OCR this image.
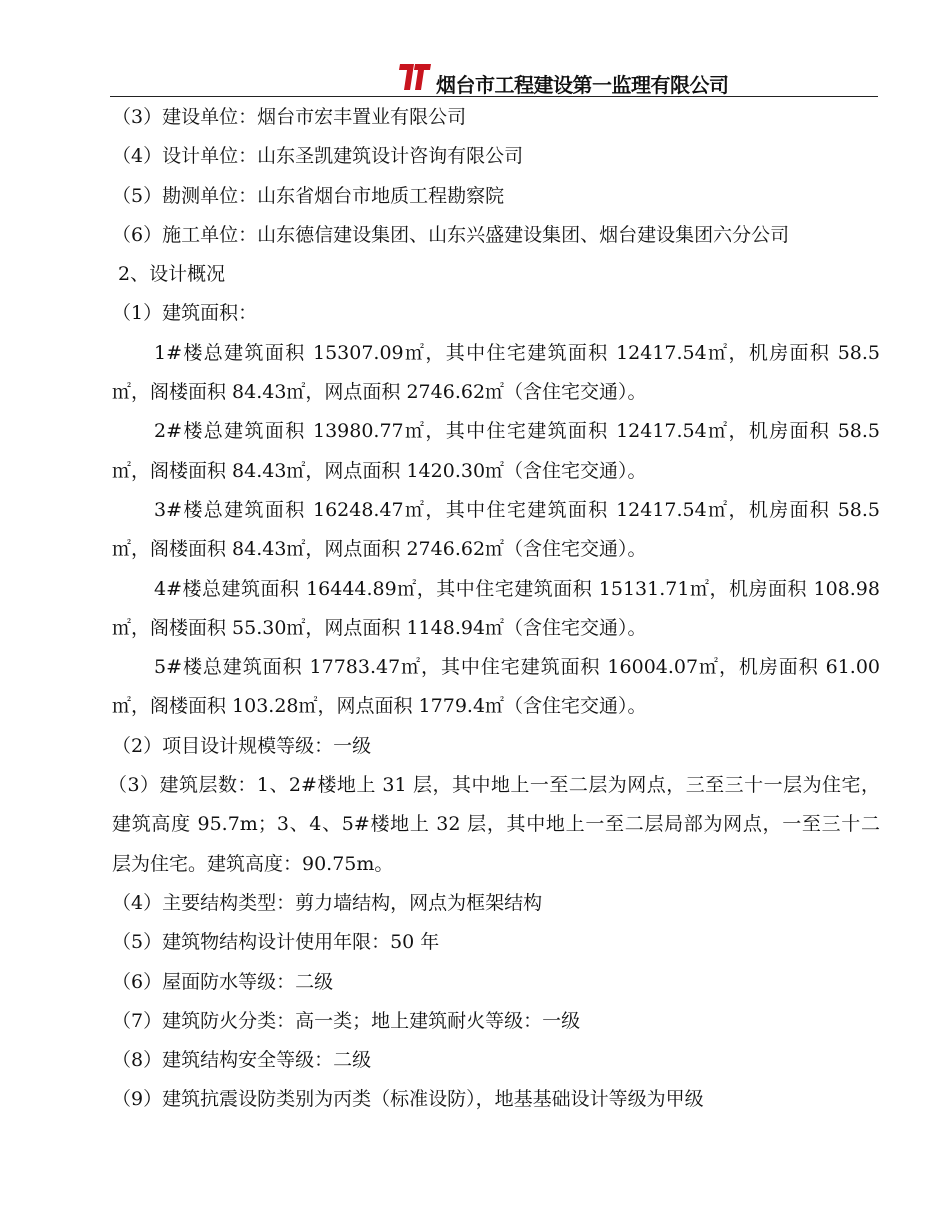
烟台市工程建设第一监理有限公司
（3）建设单位：烟台市宏丰置业有限公司
（4）设计单位：山东圣凯建筑设计咨询有限公司
（5）勘测单位：山东省烟台市地质工程勘察院
（6）施工单位：山东德信建设集团、山东兴盛建设集团、烟台建设集团六分公司
2、设计概况
（1）建筑面积：
1#楼总建筑面积 15307.09㎡，其中住宅建筑面积 12417.54㎡，机房面积 58.5
㎡，阁楼面积 84.43㎡，网点面积 2746.62㎡（含住宅交通）。
2#楼总建筑面积 13980.77㎡，其中住宅建筑面积 12417.54㎡，机房面积 58.5
㎡，阁楼面积 84.43㎡，网点面积 1420.30㎡（含住宅交通）。
3#楼总建筑面积 16248.47㎡，其中住宅建筑面积 12417.54㎡，机房面积 58.5
㎡，阁楼面积 84.43㎡，网点面积 2746.62㎡（含住宅交通）。
4#楼总建筑面积 16444.89㎡，其中住宅建筑面积 15131.71㎡，机房面积 108.98
㎡，阁楼面积 55.30㎡，网点面积 1148.94㎡（含住宅交通）。
5#楼总建筑面积 17783.47㎡，其中住宅建筑面积 16004.07㎡，机房面积 61.00
㎡，阁楼面积 103.28㎡，网点面积 1779.4㎡（含住宅交通）。
（2）项目设计规模等级：一级
（3）建筑层数：1、2#楼地上 31 层，其中地上一至二层为网点，三至三十一层为住宅，
建筑高度 95.7m；3、4、5#楼地上 32 层，其中地上一至二层局部为网点，一至三十二
层为住宅。建筑高度：90.75m。
（4）主要结构类型：剪力墙结构，网点为框架结构
（5）建筑物结构设计使用年限：50 年
（6）屋面防水等级：二级
（7）建筑防火分类：高一类；地上建筑耐火等级：一级
（8）建筑结构安全等级：二级
（9）建筑抗震设防类别为丙类（标准设防），地基基础设计等级为甲级
